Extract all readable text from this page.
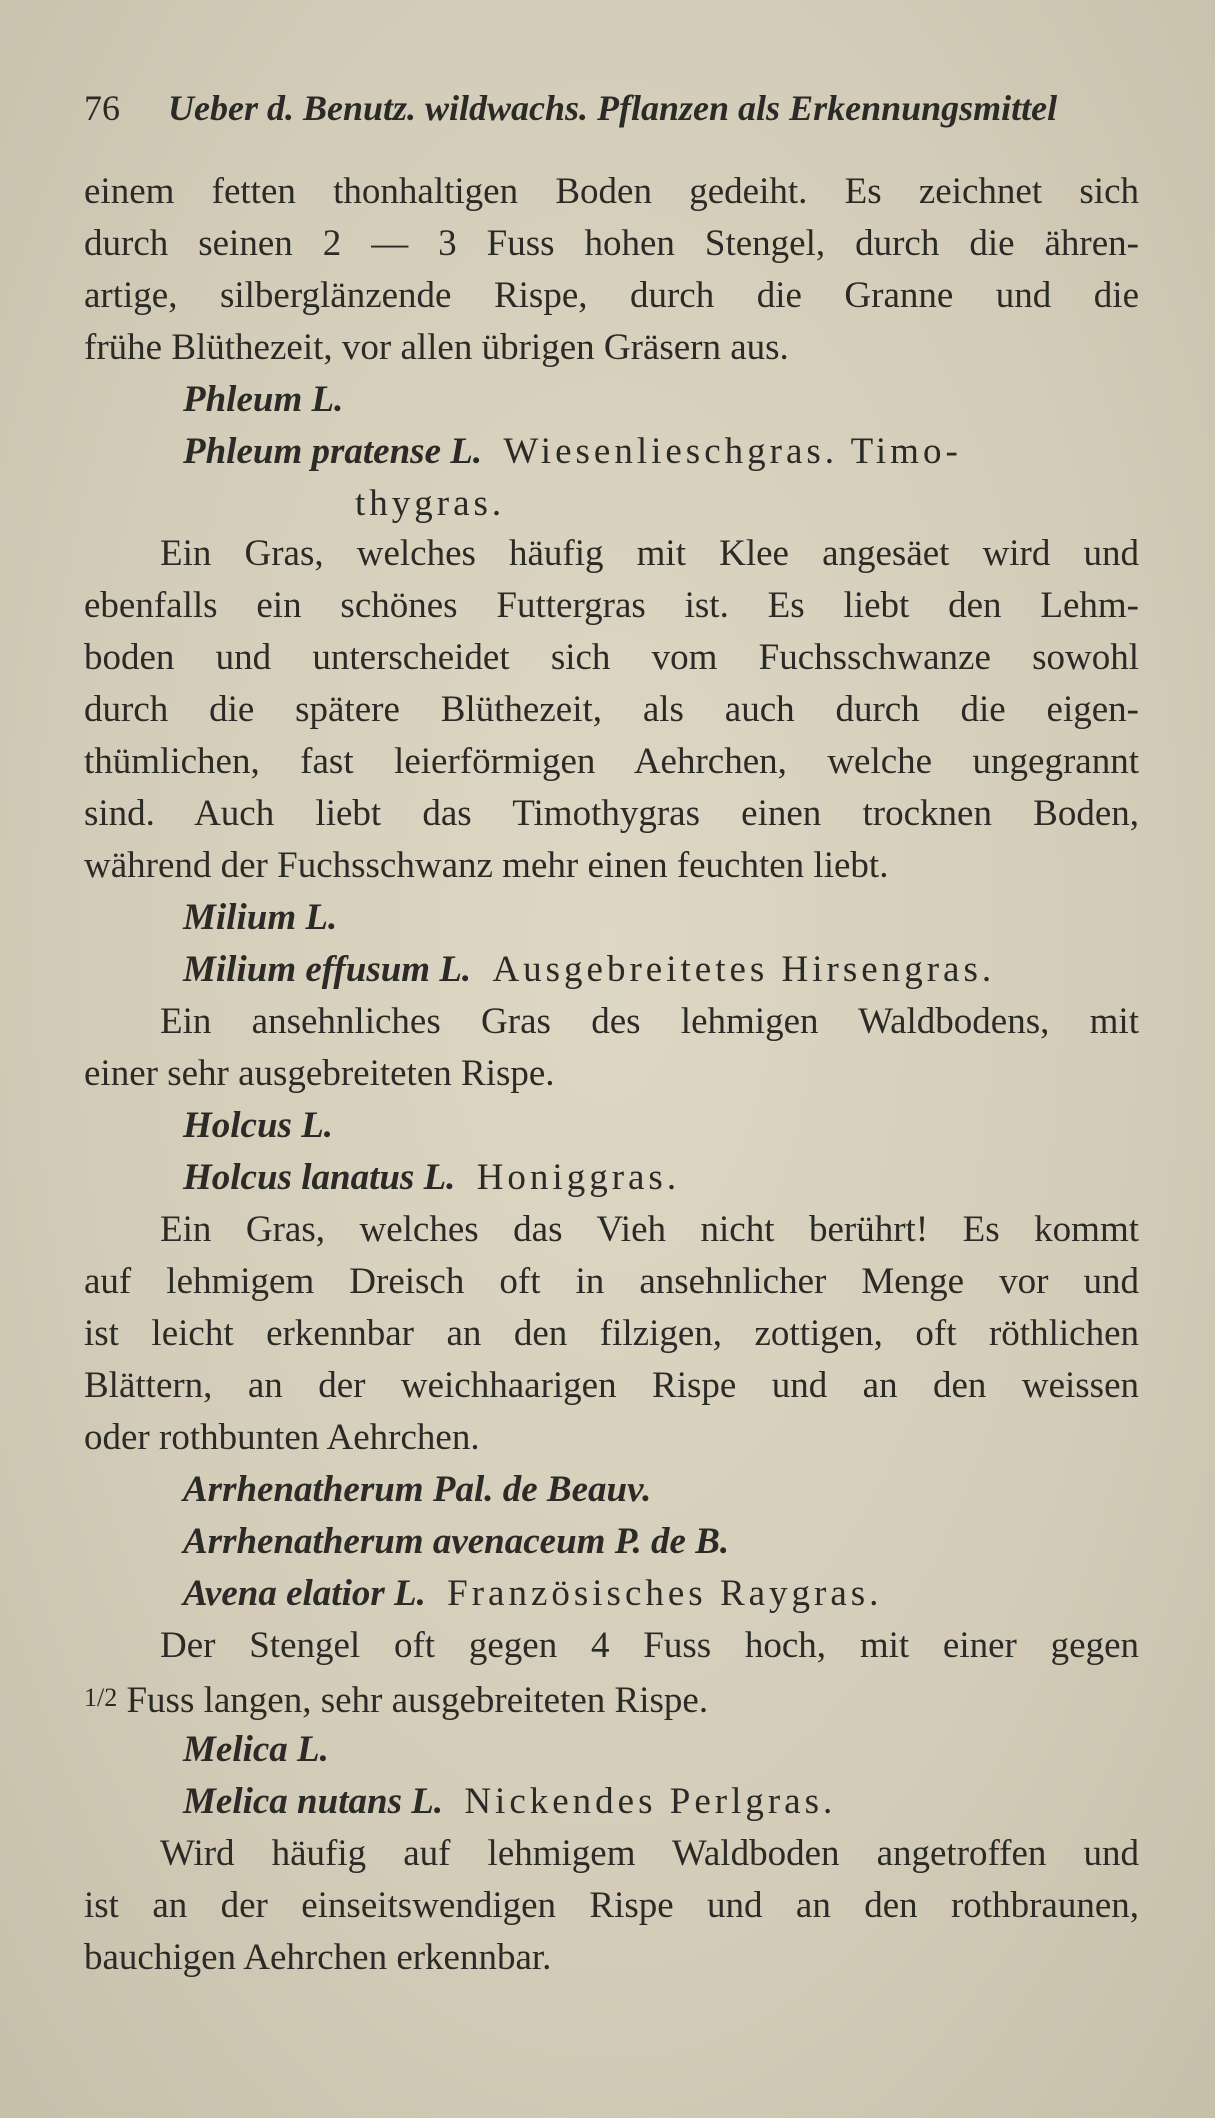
76 Ueber d. Benutz. wildwachs. Pflanzen als Erkennungsmittel
einem fetten thonhaltigen Boden gedeiht. Es zeichnet sich
durch seinen 2 — 3 Fuss hohen Stengel, durch die ähren-
artige, silberglänzende Rispe, durch die Granne und die
frühe Blüthezeit, vor allen übrigen Gräsern aus.
Phleum L.
Phleum pratense L. Wiesenlieschgras. Timo-
thygras.
Ein Gras, welches häufig mit Klee angesäet wird und
ebenfalls ein schönes Futtergras ist. Es liebt den Lehm-
boden und unterscheidet sich vom Fuchsschwanze sowohl
durch die spätere Blüthezeit, als auch durch die eigen-
thümlichen, fast leierförmigen Aehrchen, welche ungegrannt
sind. Auch liebt das Timothygras einen trocknen Boden,
während der Fuchsschwanz mehr einen feuchten liebt.
Milium L.
Milium effusum L. Ausgebreitetes Hirsengras.
Ein ansehnliches Gras des lehmigen Waldbodens, mit
einer sehr ausgebreiteten Rispe.
Holcus L.
Holcus lanatus L. Honiggras.
Ein Gras, welches das Vieh nicht berührt! Es kommt
auf lehmigem Dreisch oft in ansehnlicher Menge vor und
ist leicht erkennbar an den filzigen, zottigen, oft röthlichen
Blättern, an der weichhaarigen Rispe und an den weissen
oder rothbunten Aehrchen.
Arrhenatherum Pal. de Beauv.
Arrhenatherum avenaceum P. de B.
Avena elatior L. Französisches Raygras.
Der Stengel oft gegen 4 Fuss hoch, mit einer gegen
1/2 Fuss langen, sehr ausgebreiteten Rispe.
Melica L.
Melica nutans L. Nickendes Perlgras.
Wird häufig auf lehmigem Waldboden angetroffen und
ist an der einseitswendigen Rispe und an den rothbraunen,
bauchigen Aehrchen erkennbar.
